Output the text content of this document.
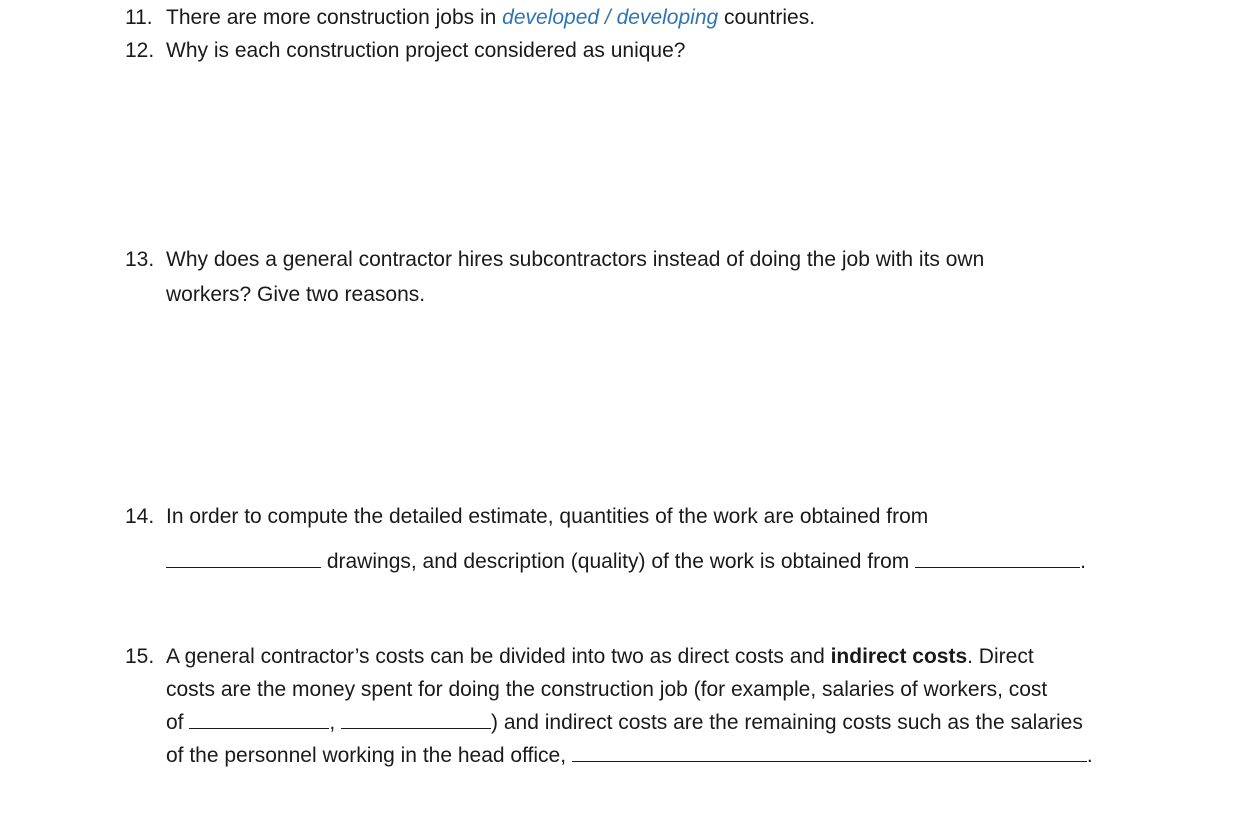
11. There are more construction jobs in developed / developing countries.
12. Why is each construction project considered as unique?
13. Why does a general contractor hires subcontractors instead of doing the job with its own
workers? Give two reasons.
14. In order to compute the detailed estimate, quantities of the work are obtained from
drawings, and description (quality) of the work is obtained from	.
15. A general contractor’s costs can be divided into two as direct costs and indirect costs. Direct
costs are the money spent for doing the construction job (for example, salaries of workers, cost
of	,	) and indirect costs are the remaining costs such as the salaries
of the personnel working in the head office,	.
